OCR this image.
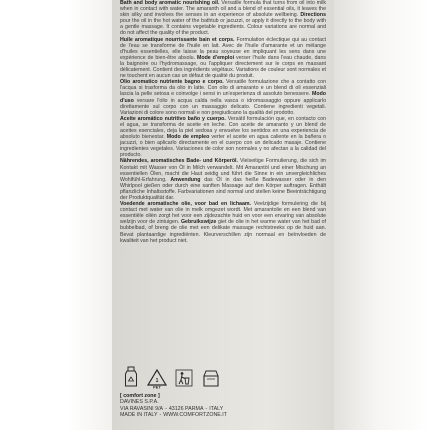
Bath and body aromatic nourishing oil. Versatile formula that turns from oil into milk when in contact with water. The amaranth oil and a blend of essential oils, it leaves the skin silky and involves the senses in an experience of absolute wellbeing. Directions pour the oil in the hot water of the bathtub or jacuzzi, or apply it directly to the body with a gentle massage. It contains vegetable ingredients. Colour variations are normal and do not affect the quality of the product.

Huile aromatique nourrissante bain et corps. Formulation éclectique qui au contact de l'eau se transforme de l'huile en lait. Avec de l'huile d'amarante et un mélange d'huiles essentielles, elle laisse la peau soyeuse en impliquant les sens dans une expérience de bien-être absolu. Mode d'emploi verser l'huile dans l'eau chaude, dans la baignoire ou l'hydromassage, ou l'appliquer directement sur le corps en massant délicatement. Contient des ingrédients végétaux. Variations de couleur sont normales et ne touchent en aucun cas un défaut de qualité du produit.

Olio aromatico nutriente bagno e corpo. Versatile formulazione che a contatto con l'acqua si trasforma da olio in latte. Con olio di amaranto e un blend di oli essenziali lascia la pelle setosa e coinvolge i sensi in un'esperienza di assoluto benessere. Modo d'uso versare l'olio in acqua calda nella vasca o idromassaggio oppure applicarlo direttamente sul corpo con un massaggio delicato. Contiene ingredienti vegetali. Variazioni di colore sono normali e non pregiudicano la qualità del prodotto.

Aceite aromático nutritivo baño y cuerpo. Versátil formulación que, en contacto con el agua, se transforma de aceite en leche. Con aceite de amaranto y un blend de aceites esenciales, deja la piel sedosa y envuelve los sentidos en una experiencia de absoluto bienestar. Modo de empleo verter el aceite en agua caliente en la bañera o jacuzzi, o bien aplicarlo directamente en el cuerpo con un delicado masaje. Contiene ingredientes vegetales. Variaciones de color son normales y no afectan a la calidad del producto.

Nährendes, aromatisches Bade- und Körperöl. Vielseitige Formulierung, die sich im Kontakt mit Wasser von Öl in Milch verwandelt. Mit Amarantöl und einer Mischung an essentiellen Ölen, macht die Haut seidig und führt die Sinne in ein unvergleichliches Wohlfühl-Erfahrung. Anwendung das Öl in das heiße Badewasser oder in den Whirlpool gießen oder durch eine sanften Massage auf den Körper auftragen. Enthält pflanzliche Inhaltsstoffe. Farbvariationen sind normal und stellen keine Beeinträchtigung der Produktqualität dar.

Voedende aromatische olie, voor bad en lichaam. Veelzijdige formulering die bij contact met water van olie in melk omgezet wordt. Met amarantolie en een blend van essentiële oliën zorgt het voor een zijdezachte huid en voor een ervaring van absolute welzijn voor de zintuigen. Gebruikswijze giet de olie in het warme water van het bad of bubbelbad, of breng de olie met een delikate massage rechtstreeks op de huid aan. Bevat plantaardige ingrediënten. Kleurverschillen zijn normaal en beïnvloeden de kwaliteit van het product niet.

1
PET
[ comfort zone ]
DAVINES S.P.A.
VIA RAVASINI 9/A - 43126 PARMA - ITALY
MADE IN ITALY - WWW.COMFORTZONE.IT
